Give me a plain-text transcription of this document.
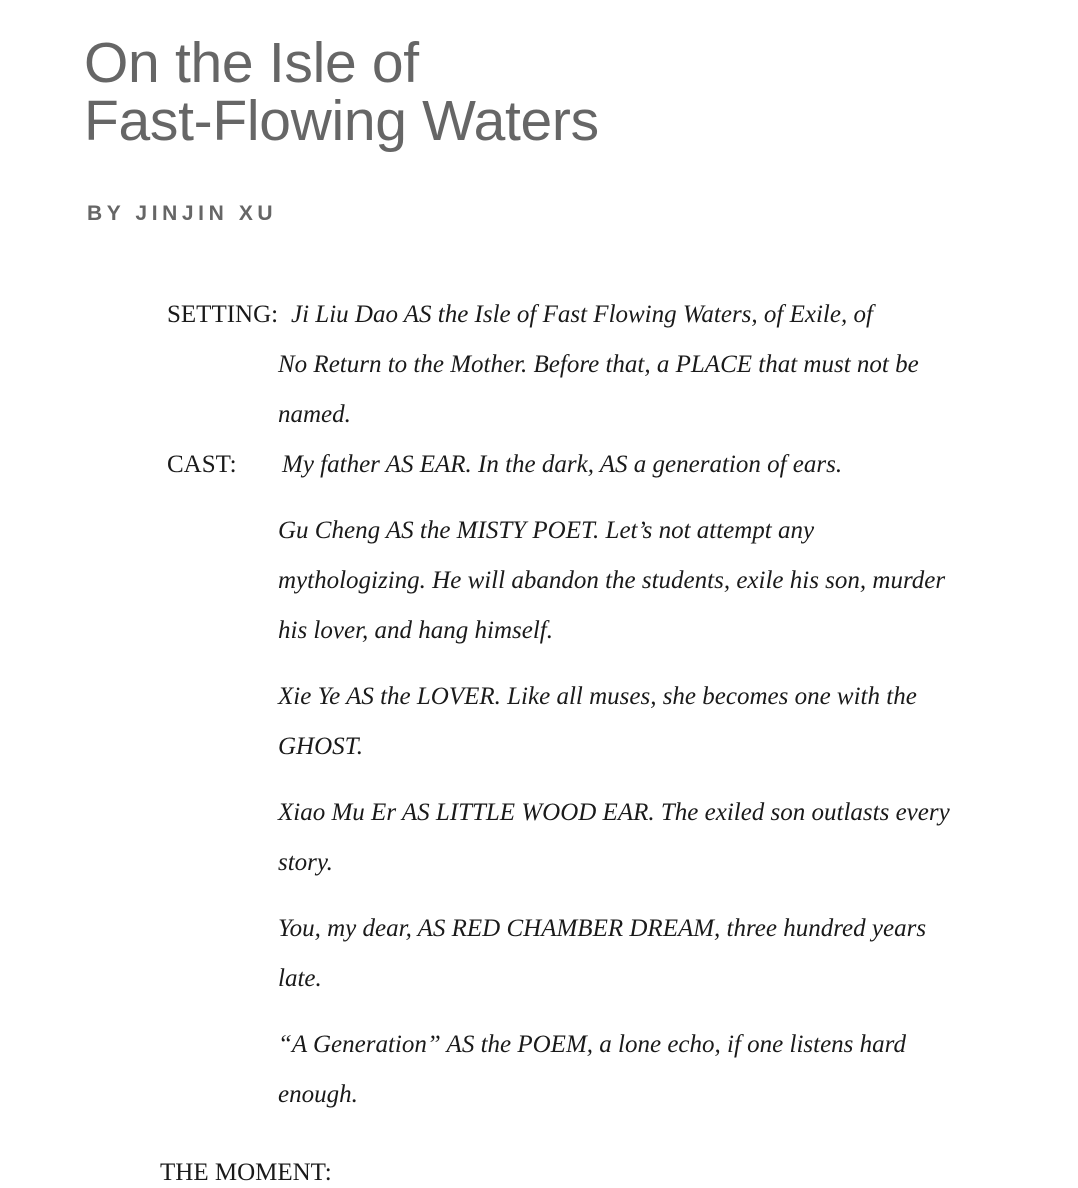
On the Isle of
Fast-Flowing Waters
BY JINJIN XU
SETTING: Ji Liu Dao AS the Isle of Fast Flowing Waters, of Exile, of

No Return to the Mother. Before that, a PLACE that must not be named.

CAST: My father AS EAR. In the dark, AS a generation of ears.

Gu Cheng AS the MISTY POET. Let’s not attempt any mythologizing. He will abandon the students, exile his son, murder his lover, and hang himself.

Xie Ye AS the LOVER. Like all muses, she becomes one with the GHOST.

Xiao Mu Er AS LITTLE WOOD EAR. The exiled son outlasts every story.

You, my dear, AS RED CHAMBER DREAM, three hundred years late.

“A Generation” AS the POEM, a lone echo, if one listens hard enough.

THE MOMENT:
